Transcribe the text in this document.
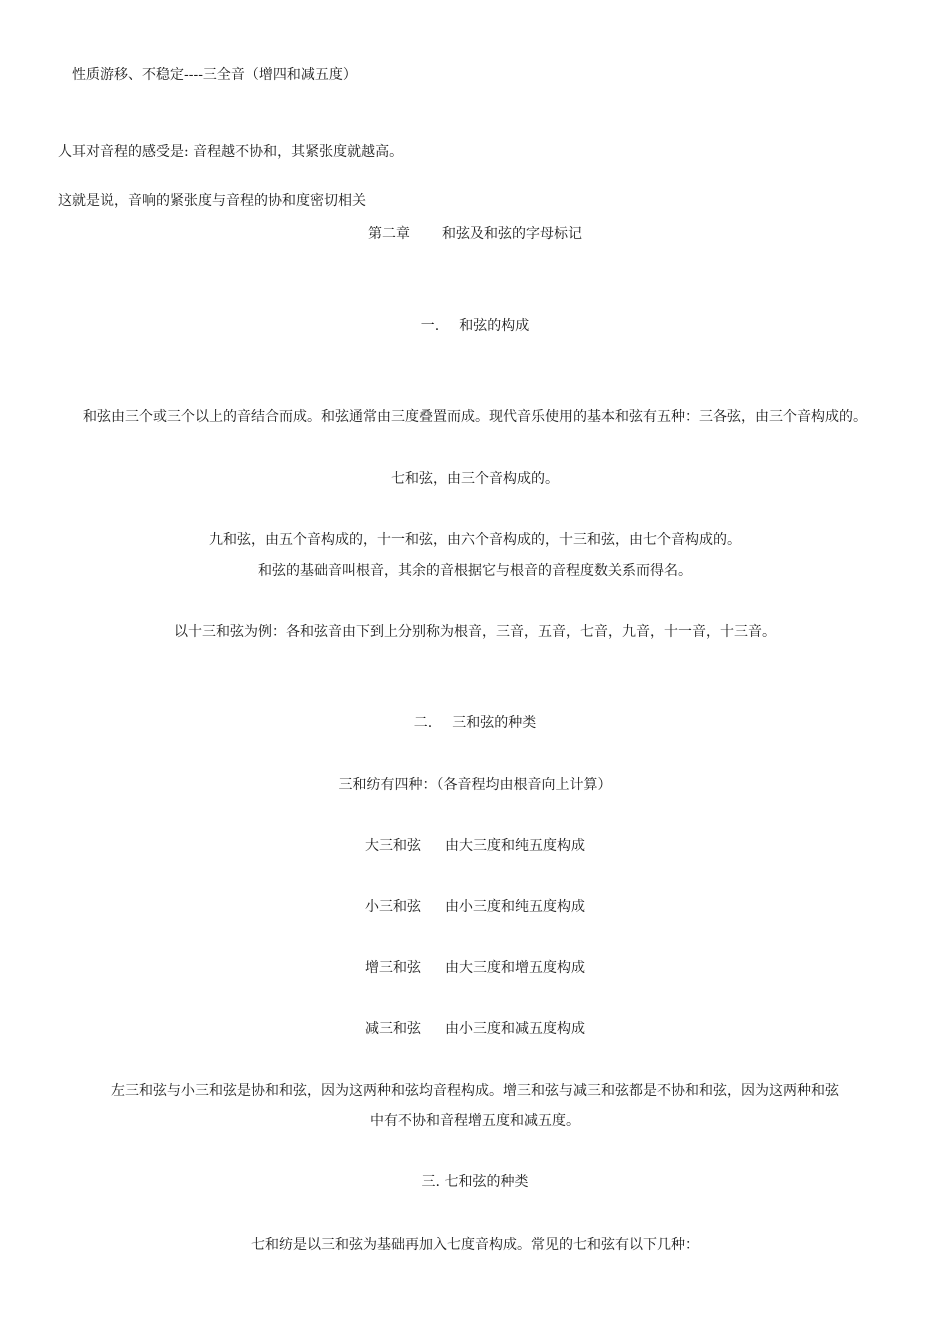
性质游移、不稳定----三全音（增四和减五度）
人耳对音程的感受是: 音程越不协和，其紧张度就越高。
这就是说，音响的紧张度与音程的协和度密切相关
第二章 和弦及和弦的字母标记
一. 和弦的构成
和弦由三个或三个以上的音结合而成。和弦通常由三度叠置而成。现代音乐使用的基本和弦有五种：三各弦，由三个音构成的。
七和弦，由三个音构成的。
九和弦，由五个音构成的，十一和弦，由六个音构成的，十三和弦，由七个音构成的。
和弦的基础音叫根音，其余的音根据它与根音的音程度数关系而得名。
以十三和弦为例：各和弦音由下到上分别称为根音，三音，五音，七音，九音，十一音，十三音。
二. 三和弦的种类
三和纺有四种：（各音程均由根音向上计算）
大三和弦 由大三度和纯五度构成
小三和弦 由小三度和纯五度构成
增三和弦 由大三度和增五度构成
减三和弦 由小三度和减五度构成
左三和弦与小三和弦是协和和弦，因为这两种和弦均音程构成。增三和弦与减三和弦都是不协和和弦，因为这两种和弦
中有不协和音程增五度和减五度。
三. 七和弦的种类
七和纺是以三和弦为基础再加入七度音构成。常见的七和弦有以下几种：
